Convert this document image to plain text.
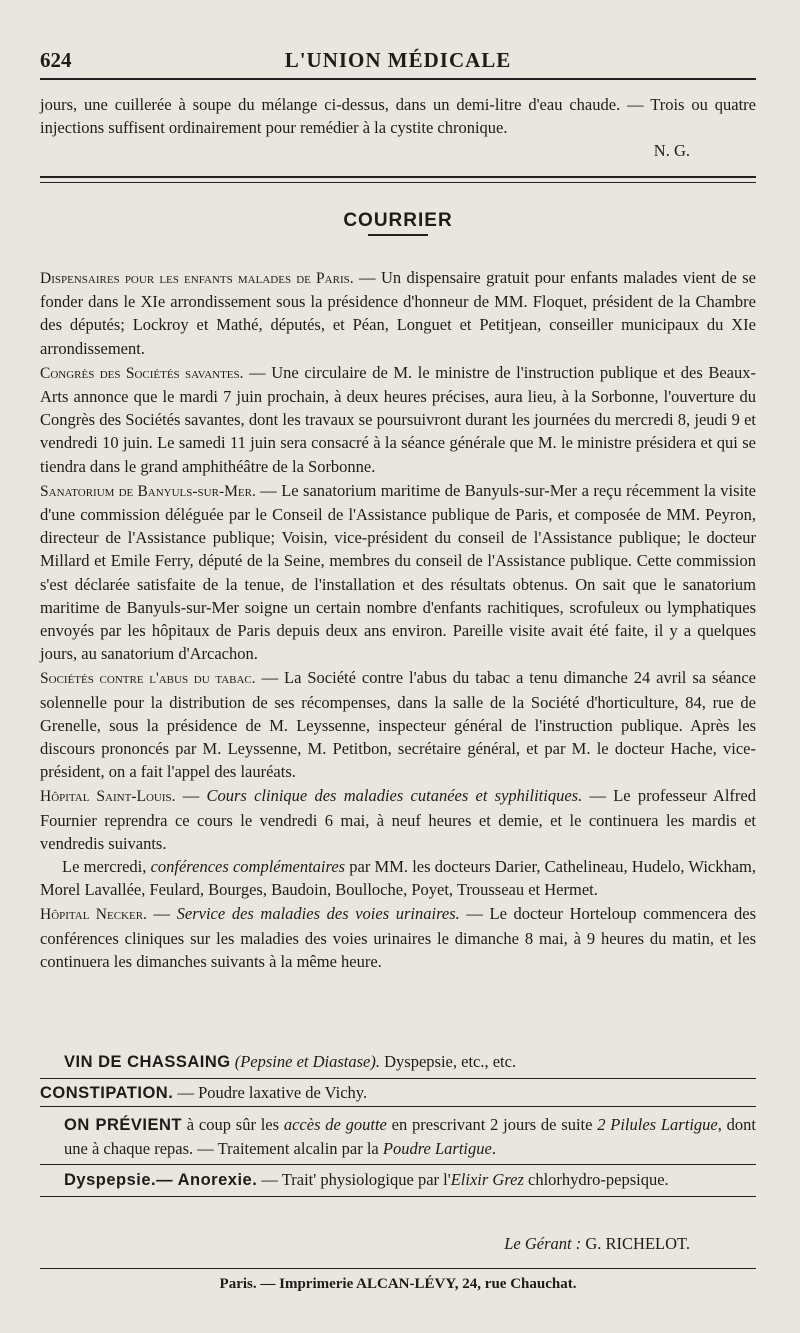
624	L'UNION MÉDICALE

jours, une cuillerée à soupe du mélange ci-dessus, dans un demi-litre d'eau chaude. — Trois ou quatre injections suffisent ordinairement pour remédier à la cystite chronique.

N. G.

COURRIER

Dispensaires pour les enfants malades de Paris. — Un dispensaire gratuit pour enfants malades vient de se fonder dans le XIe arrondissement sous la présidence d'honneur de MM. Floquet, président de la Chambre des députés; Lockroy et Mathé, députés, et Péan, Longuet et Petitjean, conseiller municipaux du XIe arrondissement.

Congrès des Sociétés savantes. — Une circulaire de M. le ministre de l'instruction publique et des Beaux-Arts annonce que le mardi 7 juin prochain, à deux heures précises, aura lieu, à la Sorbonne, l'ouverture du Congrès des Sociétés savantes, dont les travaux se poursuivront durant les journées du mercredi 8, jeudi 9 et vendredi 10 juin. Le samedi 11 juin sera consacré à la séance générale que M. le ministre présidera et qui se tiendra dans le grand amphithéâtre de la Sorbonne.

Sanatorium de Banyuls-sur-Mer. — Le sanatorium maritime de Banyuls-sur-Mer a reçu récemment la visite d'une commission déléguée par le Conseil de l'Assistance publique de Paris, et composée de MM. Peyron, directeur de l'Assistance publique; Voisin, vice-président du conseil de l'Assistance publique; le docteur Millard et Emile Ferry, député de la Seine, membres du conseil de l'Assistance publique. Cette commission s'est déclarée satisfaite de la tenue, de l'installation et des résultats obtenus. On sait que le sanatorium maritime de Banyuls-sur-Mer soigne un certain nombre d'enfants rachitiques, scrofuleux ou lymphatiques envoyés par les hôpitaux de Paris depuis deux ans environ. Pareille visite avait été faite, il y a quelques jours, au sanatorium d'Arcachon.

Sociétés contre l'abus du tabac. — La Société contre l'abus du tabac a tenu dimanche 24 avril sa séance solennelle pour la distribution de ses récompenses, dans la salle de la Société d'horticulture, 84, rue de Grenelle, sous la présidence de M. Leyssenne, inspecteur général de l'instruction publique. Après les discours prononcés par M. Leyssenne, M. Petitbon, secrétaire général, et par M. le docteur Hache, vice-président, on a fait l'appel des lauréats.

Hôpital Saint-Louis. — Cours clinique des maladies cutanées et syphilitiques. — Le professeur Alfred Fournier reprendra ce cours le vendredi 6 mai, à neuf heures et demie, et le continuera les mardis et vendredis suivants.

Le mercredi, conférences complémentaires par MM. les docteurs Darier, Cathelineau, Hudelo, Wickham, Morel Lavallée, Feulard, Bourges, Baudoin, Boulloche, Poyet, Trousseau et Hermet.

Hôpital Necker. — Service des maladies des voies urinaires. — Le docteur Horteloup commencera des conférences cliniques sur les maladies des voies urinaires le dimanche 8 mai, à 9 heures du matin, et les continuera les dimanches suivants à la même heure.

VIN DE CHASSAING (Pepsine et Diastase). Dyspepsie, etc., etc.
CONSTIPATION. — Poudre laxative de Vichy.
ON PRÉVIENT à coup sûr les accès de goutte en prescrivant 2 jours de suite 2 Pilules Lartigue, dont une à chaque repas. — Traitement alcalin par la Poudre Lartigue.
Dyspepsie.— Anorexie. — Trait' physiologique par l'Elixir Grez chlorhydro-pepsique.
Le Gérant : G. RICHELOT.
Paris. — Imprimerie ALCAN-LÉVY, 24, rue Chauchat.
